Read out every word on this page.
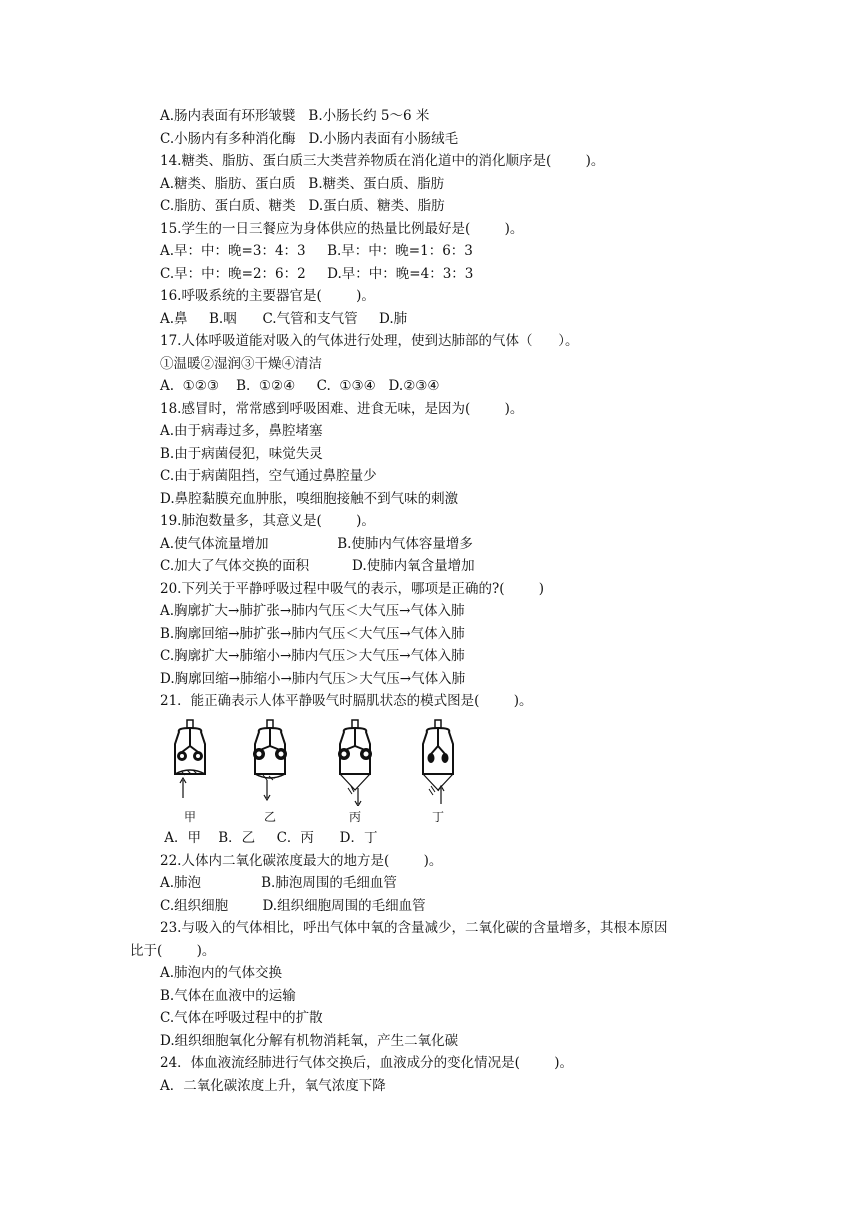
A.肠内表面有环形皱襞   B.小肠长约 5～6 米
C.小肠内有多种消化酶   D.小肠内表面有小肠绒毛
14.糖类、脂肪、蛋白质三大类营养物质在消化道中的消化顺序是(        )。
A.糖类、脂肪、蛋白质   B.糖类、蛋白质、脂肪
C.脂肪、蛋白质、糖类   D.蛋白质、糖类、脂肪
15.学生的一日三餐应为身体供应的热量比例最好是(        )。
A.早：中：晚=3：4：3     B.早：中：晚=1：6：3
C.早：中：晚=2：6：2     D.早：中：晚=4：3：3
16.呼吸系统的主要器官是(        )。
A.鼻     B.咽      C.气管和支气管     D.肺
17.人体呼吸道能对吸入的气体进行处理，使到达肺部的气体（      ）。
①温暖②湿润③干燥④清洁
A.  ①②③    B.  ①②④     C.  ①③④   D.②③④
18.感冒时，常常感到呼吸困难、进食无味，是因为(        )。
A.由于病毒过多，鼻腔堵塞
B.由于病菌侵犯，味觉失灵
C.由于病菌阻挡，空气通过鼻腔量少
D.鼻腔黏膜充血肿胀，嗅细胞接触不到气味的刺激
19.肺泡数量多，其意义是(        )。
A.使气体流量增加                B.使肺内气体容量增多
C.加大了气体交换的面积          D.使肺内氧含量增加
20.下列关于平静呼吸过程中吸气的表示，哪项是正确的?(        )
A.胸廓扩大→肺扩张→肺内气压＜大气压→气体入肺
B.胸廓回缩→肺扩张→肺内气压＜大气压→气体入肺
C.胸廓扩大→肺缩小→肺内气压＞大气压→气体入肺
D.胸廓回缩→肺缩小→肺内气压＞大气压→气体入肺
21．能正确表示人体平静吸气时膈肌状态的模式图是(        )。
甲	乙	丙	丁
A．甲    B．乙     C．丙      D．丁
22.人体内二氧化碳浓度最大的地方是(        )。
A.肺泡              B.肺泡周围的毛细血管
C.组织细胞        D.组织细胞周围的毛细血管
23.与吸入的气体相比，呼出气体中氧的含量减少，二氧化碳的含量增多，其根本原因
比于(        )。
A.肺泡内的气体交换
B.气体在血液中的运输
C.气体在呼吸过程中的扩散
D.组织细胞氧化分解有机物消耗氧，产生二氧化碳
24．体血液流经肺进行气体交换后，血液成分的变化情况是(        )。
A．二氧化碳浓度上升，氧气浓度下降
